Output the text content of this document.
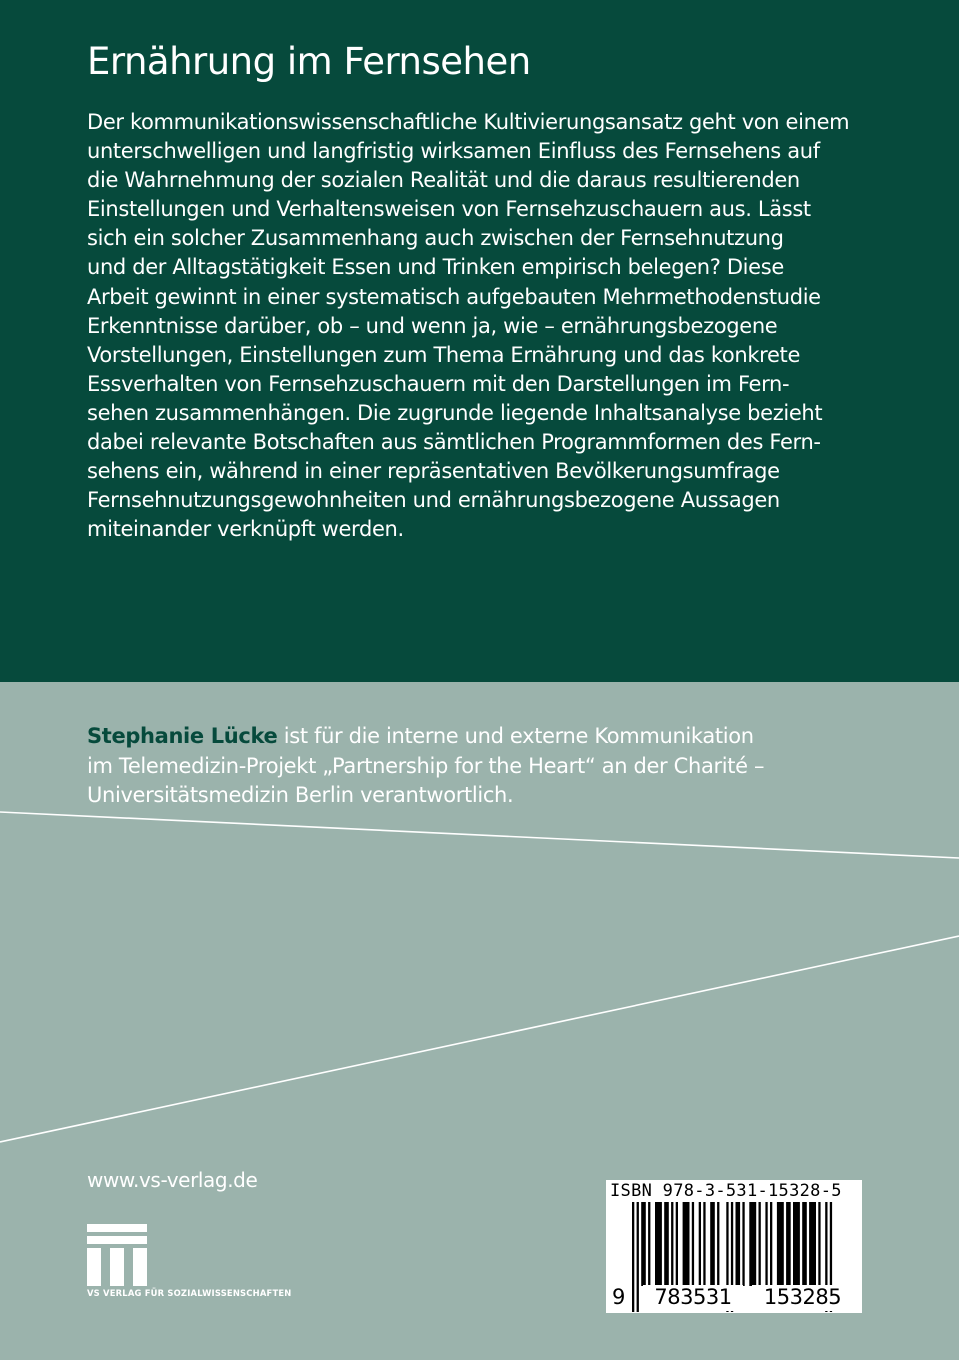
Ernährung im Fernsehen
Der kommunikationswissenschaftliche Kultivierungsansatz geht von einem
unterschwelligen und langfristig wirksamen Einfluss des Fernsehens auf
die Wahrnehmung der sozialen Realität und die daraus resultierenden
Einstellungen und Verhaltensweisen von Fernsehzuschauern aus. Lässt
sich ein solcher Zusammenhang auch zwischen der Fernsehnutzung
und der Alltagstätigkeit Essen und Trinken empirisch belegen? Diese
Arbeit gewinnt in einer systematisch aufgebauten Mehrmethodenstudie
Erkenntnisse darüber, ob – und wenn ja, wie – ernährungsbezogene
Vorstellungen, Einstellungen zum Thema Ernährung und das konkrete
Essverhalten von Fernsehzuschauern mit den Darstellungen im Fern-
sehen zusammenhängen. Die zugrunde liegende Inhaltsanalyse bezieht
dabei relevante Botschaften aus sämtlichen Programmformen des Fern-
sehens ein, während in einer repräsentativen Bevölkerungsumfrage
Fernsehnutzungsgewohnheiten und ernährungsbezogene Aussagen
miteinander verknüpft werden.
Stephanie Lücke ist für die interne und externe Kommunikation
im Telemedizin-Projekt „Partnership for the Heart“ an der Charité –
Universitätsmedizin Berlin verantwortlich.
www.vs-verlag.de
VS VERLAG FÜR SOZIALWISSENSCHAFTEN
ISBN 978-3-531-15328-5
9	783531	153285
